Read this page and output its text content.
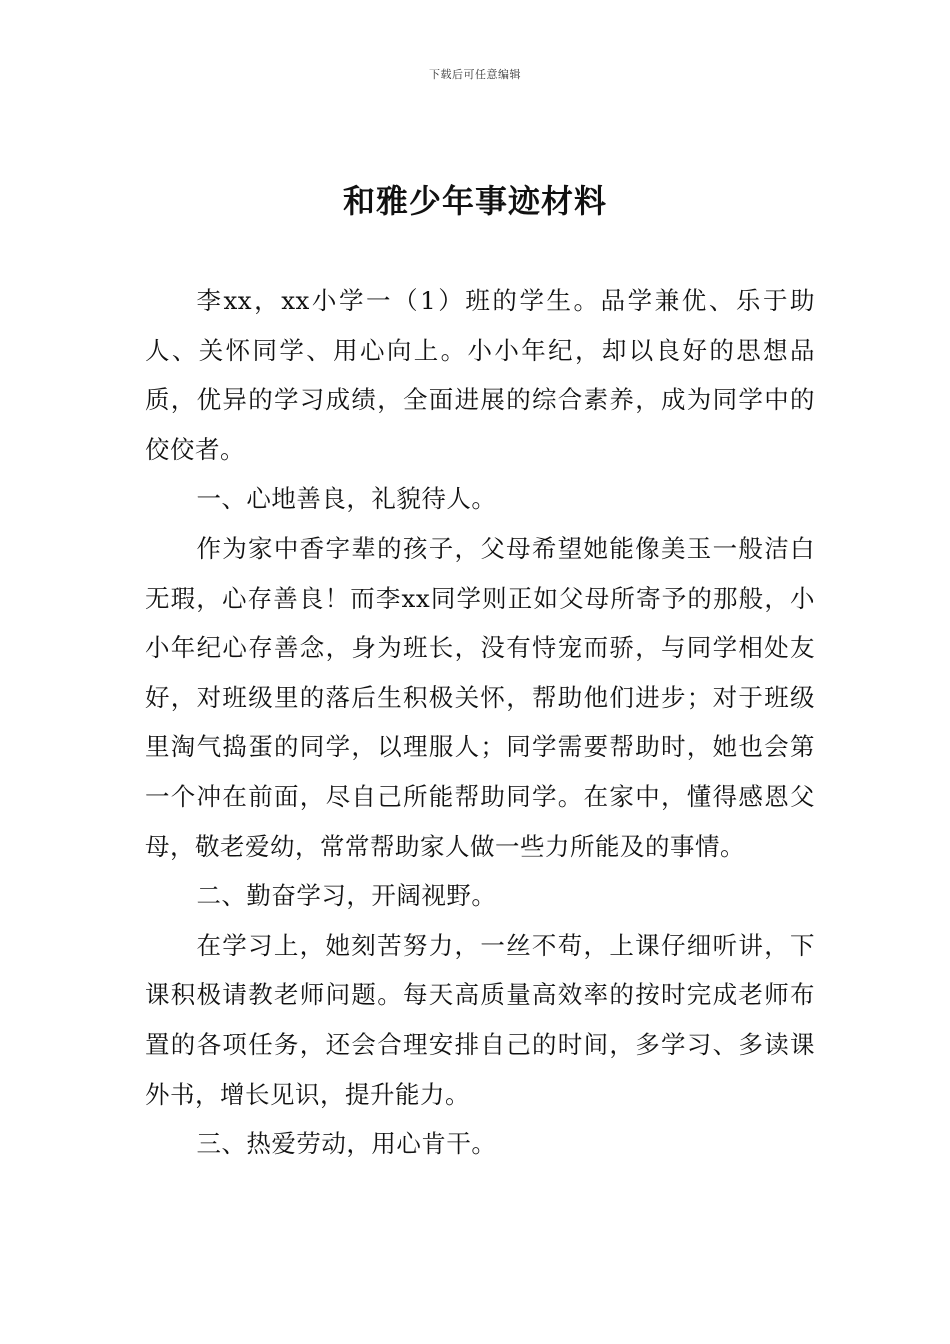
下载后可任意编辑
和雅少年事迹材料

李xx，xx小学一（1）班的学生。品学兼优、乐于助人、关怀同学、用心向上。小小年纪，却以良好的思想品质，优异的学习成绩，全面进展的综合素养，成为同学中的佼佼者。

一、心地善良，礼貌待人。

作为家中香字辈的孩子，父母希望她能像美玉一般洁白无瑕，心存善良！而李xx同学则正如父母所寄予的那般，小小年纪心存善念，身为班长，没有恃宠而骄，与同学相处友好，对班级里的落后生积极关怀，帮助他们进步；对于班级里淘气捣蛋的同学，以理服人；同学需要帮助时，她也会第一个冲在前面，尽自己所能帮助同学。在家中，懂得感恩父母，敬老爱幼，常常帮助家人做一些力所能及的事情。

二、勤奋学习，开阔视野。

在学习上，她刻苦努力，一丝不苟，上课仔细听讲，下课积极请教老师问题。每天高质量高效率的按时完成老师布置的各项任务，还会合理安排自己的时间，多学习、多读课外书，增长见识，提升能力。

三、热爱劳动，用心肯干。
